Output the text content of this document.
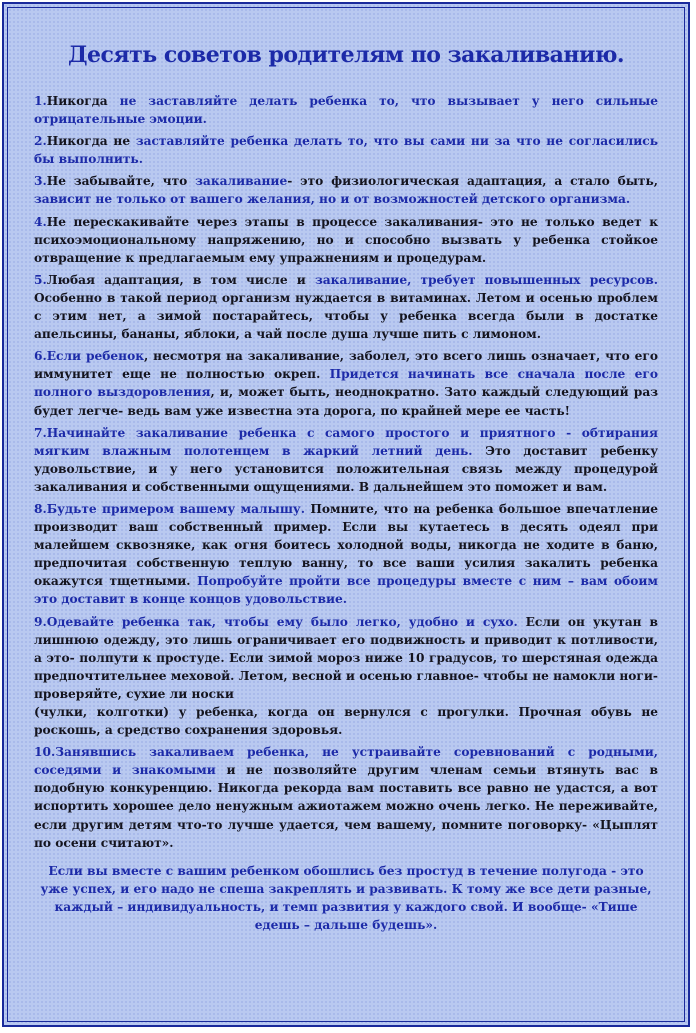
Десять советов родителям по закаливанию.

1.Никогда не заставляйте делать ребенка то, что вызывает у него сильные отрицательные эмоции.

2.Никогда не заставляйте ребенка делать то, что вы сами ни за что не согласились бы выполнить.

3.Не забывайте, что закаливание- это физиологическая адаптация, а стало быть, зависит не только от вашего желания, но и от возможностей детского организма.

4.Не перескакивайте через этапы в процессе закаливания- это не только ведет к психоэмоциональному напряжению, но и способно вызвать у ребенка стойкое отвращение к предлагаемым ему упражнениям и процедурам.

5.Любая адаптация, в том числе и закаливание, требует повышенных ресурсов. Особенно в такой период организм нуждается в витаминах. Летом и осенью проблем с этим нет, а зимой постарайтесь, чтобы у ребенка всегда были в достатке апельсины, бананы, яблоки, а чай после душа лучше пить с лимоном.

6.Если ребенок, несмотря на закаливание, заболел, это всего лишь означает, что его иммунитет еще не полностью окреп. Придется начинать все сначала после его полного выздоровления, и, может быть, неоднократно. Зато каждый следующий раз будет легче- ведь вам уже известна эта дорога, по крайней мере ее часть!

7.Начинайте закаливание ребенка с самого простого и приятного - обтирания мягким влажным полотенцем в жаркий летний день. Это доставит ребенку удовольствие, и у него установится положительная связь между процедурой закаливания и собственными ощущениями. В дальнейшем это поможет и вам.

8.Будьте примером вашему малышу. Помните, что на ребенка большое впечатление производит ваш собственный пример. Если вы кутаетесь в десять одеял при малейшем сквозняке, как огня боитесь холодной воды, никогда не ходите в баню, предпочитая собственную теплую ванну, то все ваши усилия закалить ребенка окажутся тщетными. Попробуйте пройти все процедуры вместе с ним – вам обоим это доставит в конце концов удовольствие.

9.Одевайте ребенка так, чтобы ему было легко, удобно и сухо. Если он укутан в лишнюю одежду, это лишь ограничивает его подвижность и приводит к потливости, а это- полпути к простуде. Если зимой мороз ниже 10 градусов, то шерстяная одежда предпочтительнее меховой. Летом, весной и осенью главное- чтобы не намокли ноги- проверяйте, сухие ли носки
(чулки, колготки) у ребенка, когда он вернулся с прогулки. Прочная обувь не роскошь, а средство сохранения здоровья.

10.Занявшись закаливаем ребенка, не устраивайте соревнований с родными, соседями и знакомыми и не позволяйте другим членам семьи втянуть вас в подобную конкуренцию. Никогда рекорда вам поставить все равно не удастся, а вот испортить хорошее дело ненужным ажиотажем можно очень легко. Не переживайте, если другим детям что-то лучше удается, чем вашему, помните поговорку- «Цыплят по осени считают».

Если вы вместе с вашим ребенком обошлись без простуд в течение полугода - это уже успех, и его надо не спеша закреплять и развивать. К тому же все дети разные, каждый – индивидуальность, и темп развития у каждого свой. И вообще- «Тише едешь – дальше будешь».
